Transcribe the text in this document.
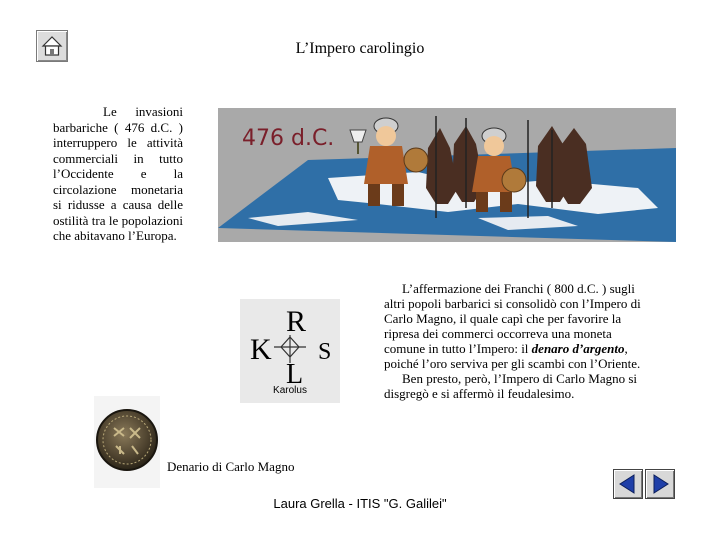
L’Impero carolingio
Le invasioni barbariche ( 476 d.C. ) interruppero le attività commerciali in tutto l’Occidente e la circolazione monetaria si ridusse a causa delle ostilità tra le popolazioni che abitavano l’Europa.
476 d.C.
R
K S
L
Karolus

L’affermazione dei Franchi ( 800 d.C. ) sugli altri popoli barbarici si consolidò con l’Impero di Carlo Magno, il quale capì che per favorire la ripresa dei commerci occorreva una moneta comune in tutto l’Impero: il denaro d’argento, poiché l’oro serviva per gli scambi con l’Oriente.

Ben presto, però, l’Impero di Carlo Magno si disgregò e si affermò il feudalesimo.

Denario di Carlo Magno
Laura Grella - ITIS "G. Galilei"
